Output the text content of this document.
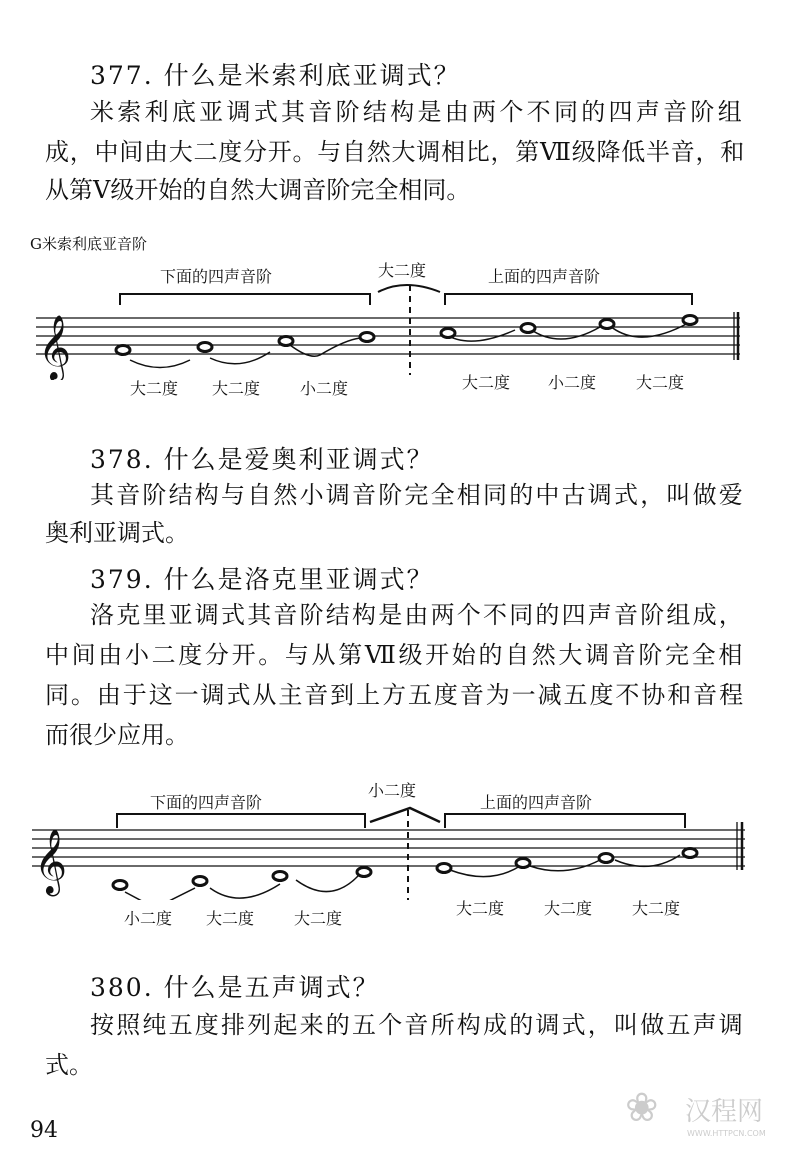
377. 什么是米索利底亚调式？
米索利底亚调式其音阶结构是由两个不同的四声音阶组
成，中间由大二度分开。与自然大调相比，第Ⅶ级降低半音，和
从第Ⅴ级开始的自然大调音阶完全相同。
G米索利底亚音阶
下面的四声音阶	大二度	上面的四声音阶
𝄞
大二度 大二度 小二度	大二度 小二度 大二度
378. 什么是爱奥利亚调式？
其音阶结构与自然小调音阶完全相同的中古调式，叫做爱
奥利亚调式。
379. 什么是洛克里亚调式？
洛克里亚调式其音阶结构是由两个不同的四声音阶组成，
中间由小二度分开。与从第Ⅶ级开始的自然大调音阶完全相
同。由于这一调式从主音到上方五度音为一减五度不协和音程
而很少应用。
下面的四声音阶
小二度
上面的四声音阶
𝄞
小二度 大二度 大二度
大二度 大二度 大二度
380. 什么是五声调式？
按照纯五度排列起来的五个音所构成的调式，叫做五声调
式。
94	❀ 汉程网
WWW.HTTPCN.COM
